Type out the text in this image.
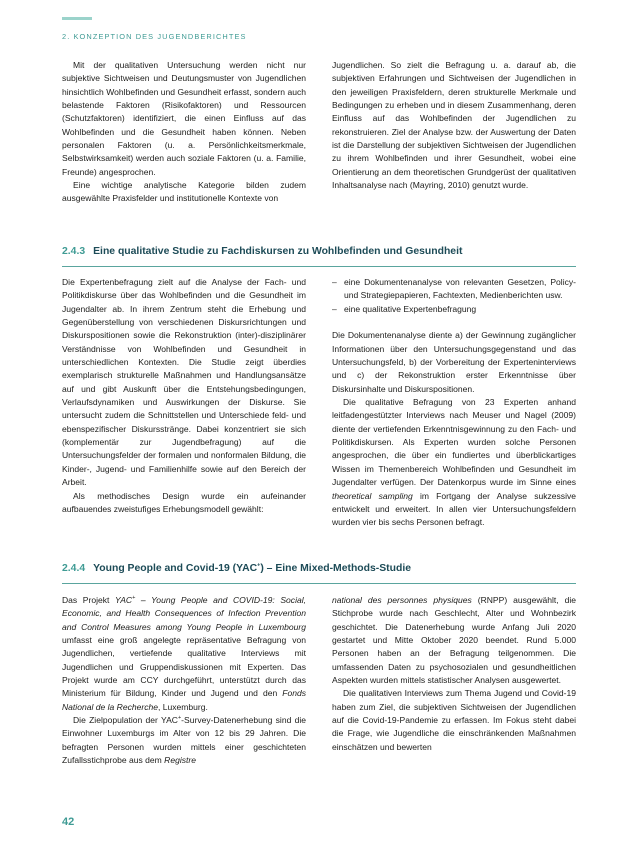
2. KONZEPTION DES JUGENDBERICHTES

Mit der qualitativen Untersuchung werden nicht nur subjektive Sichtweisen und Deutungsmuster von Jugendlichen hinsichtlich Wohlbefinden und Gesundheit erfasst, sondern auch belastende Faktoren (Risikofaktoren) und Ressourcen (Schutzfaktoren) identifiziert, die einen Einfluss auf das Wohlbefinden und die Gesundheit haben können. Neben personalen Faktoren (u. a. Persönlichkeitsmerkmale, Selbstwirksamkeit) werden auch soziale Faktoren (u. a. Familie, Freunde) angesprochen.

Eine wichtige analytische Kategorie bilden zudem ausgewählte Praxisfelder und institutionelle Kontexte von

Jugendlichen. So zielt die Befragung u. a. darauf ab, die subjektiven Erfahrungen und Sichtweisen der Jugendlichen in den jeweiligen Praxisfeldern, deren strukturelle Merkmale und Bedingungen zu erheben und in diesem Zusammenhang, deren Einfluss auf das Wohlbefinden der Jugendlichen zu rekonstruieren. Ziel der Analyse bzw. der Auswertung der Daten ist die Darstellung der subjektiven Sichtweisen der Jugendlichen zu ihrem Wohlbefinden und ihrer Gesundheit, wobei eine Orientierung an dem theoretischen Grundgerüst der qualitativen Inhaltsanalyse nach (Mayring, 2010) genutzt wurde.

2.4.3 Eine qualitative Studie zu Fachdiskursen zu Wohlbefinden und Gesundheit

Die Expertenbefragung zielt auf die Analyse der Fach- und Politikdiskurse über das Wohlbefinden und die Gesundheit im Jugendalter ab. In ihrem Zentrum steht die Erhebung und Gegenüberstellung von verschiedenen Diskursrichtungen und Diskurspositionen sowie die Rekonstruktion (inter)-disziplinärer Verständnisse von Wohlbefinden und Gesundheit in unterschiedlichen Kontexten. Die Studie zeigt überdies exemplarisch strukturelle Maßnahmen und Handlungsansätze auf und gibt Auskunft über die Entstehungsbedingungen, Verlaufsdynamiken und Auswirkungen der Diskurse. Sie untersucht zudem die Schnittstellen und Unterschiede feld- und ebenspezifischer Diskursstränge. Dabei konzentriert sie sich (komplementär zur Jugendbefragung) auf die Untersuchungsfelder der formalen und nonformalen Bildung, die Kinder-, Jugend- und Familienhilfe sowie auf den Bereich der Arbeit.

Als methodisches Design wurde ein aufeinander aufbauendes zweistufiges Erhebungsmodell gewählt:

– eine Dokumentenanalyse von relevanten Gesetzen, Policy- und Strategiepapieren, Fachtexten, Medienberichten usw.
– eine qualitative Expertenbefragung

Die Dokumentenanalyse diente a) der Gewinnung zugänglicher Informationen über den Untersuchungsgegenstand und das Untersuchungsfeld, b) der Vorbereitung der Experteninterviews und c) der Rekonstruktion erster Erkenntnisse über Diskursinhalte und Diskurspositionen.

Die qualitative Befragung von 23 Experten anhand leitfadengestützter Interviews nach Meuser und Nagel (2009) diente der vertiefenden Erkenntnisgewinnung zu den Fach- und Politikdiskursen. Als Experten wurden solche Personen angesprochen, die über ein fundiertes und überblickartiges Wissen im Themenbereich Wohlbefinden und Gesundheit im Jugendalter verfügen. Der Datenkorpus wurde im Sinne eines theoretical sampling im Fortgang der Analyse sukzessive entwickelt und erweitert. In allen vier Untersuchungsfeldern wurden vier bis sechs Personen befragt.

2.4.4 Young People and Covid-19 (YAC+) – Eine Mixed-Methods-Studie

Das Projekt YAC+ – Young People and COVID-19: Social, Economic, and Health Consequences of Infection Prevention and Control Measures among Young People in Luxembourg umfasst eine groß angelegte repräsentative Befragung von Jugendlichen, vertiefende qualitative Interviews mit Jugendlichen und Gruppendiskussionen mit Experten. Das Projekt wurde am CCY durchgeführt, unterstützt durch das Ministerium für Bildung, Kinder und Jugend und den Fonds National de la Recherche, Luxemburg.

Die Zielpopulation der YAC+-Survey-Datenerhebung sind die Einwohner Luxemburgs im Alter von 12 bis 29 Jahren. Die befragten Personen wurden mittels einer geschichteten Zufallsstichprobe aus dem Registre

national des personnes physiques (RNPP) ausgewählt, die Stichprobe wurde nach Geschlecht, Alter und Wohnbezirk geschichtet. Die Datenerhebung wurde Anfang Juli 2020 gestartet und Mitte Oktober 2020 beendet. Rund 5.000 Personen haben an der Befragung teilgenommen. Die umfassenden Daten zu psychosozialen und gesundheitlichen Aspekten wurden mittels statistischer Analysen ausgewertet.

Die qualitativen Interviews zum Thema Jugend und Covid-19 haben zum Ziel, die subjektiven Sichtweisen der Jugendlichen auf die Covid-19-Pandemie zu erfassen. Im Fokus steht dabei die Frage, wie Jugendliche die einschränkenden Maßnahmen einschätzen und bewerten

42
